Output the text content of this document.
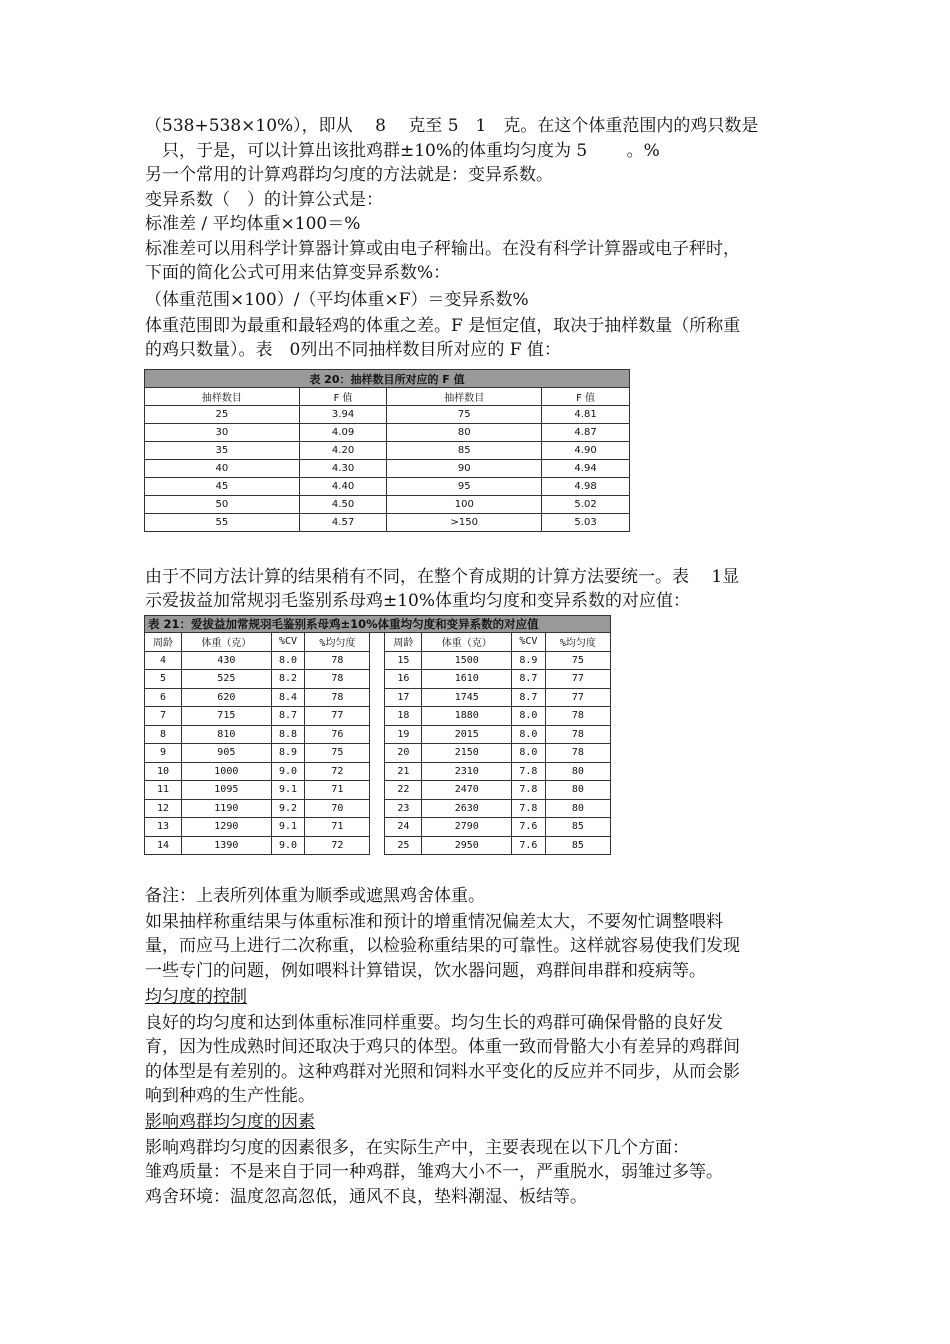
（538+538×10%），即从　 8　 克至 5　1　克。在这个体重范围内的鸡只数是
　只，于是，可以计算出该批鸡群±10%的体重均匀度为 5　　 。%
另一个常用的计算鸡群均匀度的方法就是：变异系数。
变异系数（　）的计算公式是：
标准差 / 平均体重×100＝%
标准差可以用科学计算器计算或由电子秤输出。在没有科学计算器或电子秤时，
下面的简化公式可用来估算变异系数%：
（体重范围×100）/（平均体重×F）＝变异系数%
体重范围即为最重和最轻鸡的体重之差。F 是恒定值，取决于抽样数量（所称重
的鸡只数量）。表　0列出不同抽样数目所对应的 F 值：
表 20：抽样数目所对应的 F 值			
抽样数目	F 值	抽样数目	F 值
25	3.94	75	4.81
30	4.09	80	4.87
35	4.20	85	4.90
40	4.30	90	4.94
45	4.40	95	4.98
50	4.50	100	5.02
55	4.57	>150	5.03
由于不同方法计算的结果稍有不同，在整个育成期的计算方法要统一。表　 1显
示爱拔益加常规羽毛鉴别系母鸡±10%体重均匀度和变异系数的对应值：
表 21：爱拔益加常规羽毛鉴别系母鸡±10%体重均匀度和变异系数的对应值								
周龄	体重（克）	%CV	%均匀度		周龄	体重（克）	%CV	%均匀度
4	430	8.0	78		15	1500	8.9	75
5	525	8.2	78		16	1610	8.7	77
6	620	8.4	78		17	1745	8.7	77
7	715	8.7	77		18	1880	8.0	78
8	810	8.8	76		19	2015	8.0	78
9	905	8.9	75		20	2150	8.0	78
10	1000	9.0	72		21	2310	7.8	80
11	1095	9.1	71		22	2470	7.8	80
12	1190	9.2	70		23	2630	7.8	80
13	1290	9.1	71		24	2790	7.6	85
14	1390	9.0	72		25	2950	7.6	85
备注：上表所列体重为顺季或遮黑鸡舍体重。
如果抽样称重结果与体重标准和预计的增重情况偏差太大，不要匆忙调整喂料
量，而应马上进行二次称重，以检验称重结果的可靠性。这样就容易使我们发现
一些专门的问题，例如喂料计算错误，饮水器问题，鸡群间串群和疫病等。
均匀度的控制
良好的均匀度和达到体重标准同样重要。均匀生长的鸡群可确保骨骼的良好发
育，因为性成熟时间还取决于鸡只的体型。体重一致而骨骼大小有差异的鸡群间
的体型是有差别的。这种鸡群对光照和饲料水平变化的反应并不同步，从而会影
响到种鸡的生产性能。
影响鸡群均匀度的因素
影响鸡群均匀度的因素很多，在实际生产中，主要表现在以下几个方面：
雏鸡质量：不是来自于同一种鸡群，雏鸡大小不一，严重脱水，弱雏过多等。
鸡舍环境：温度忽高忽低，通风不良，垫料潮湿、板结等。
